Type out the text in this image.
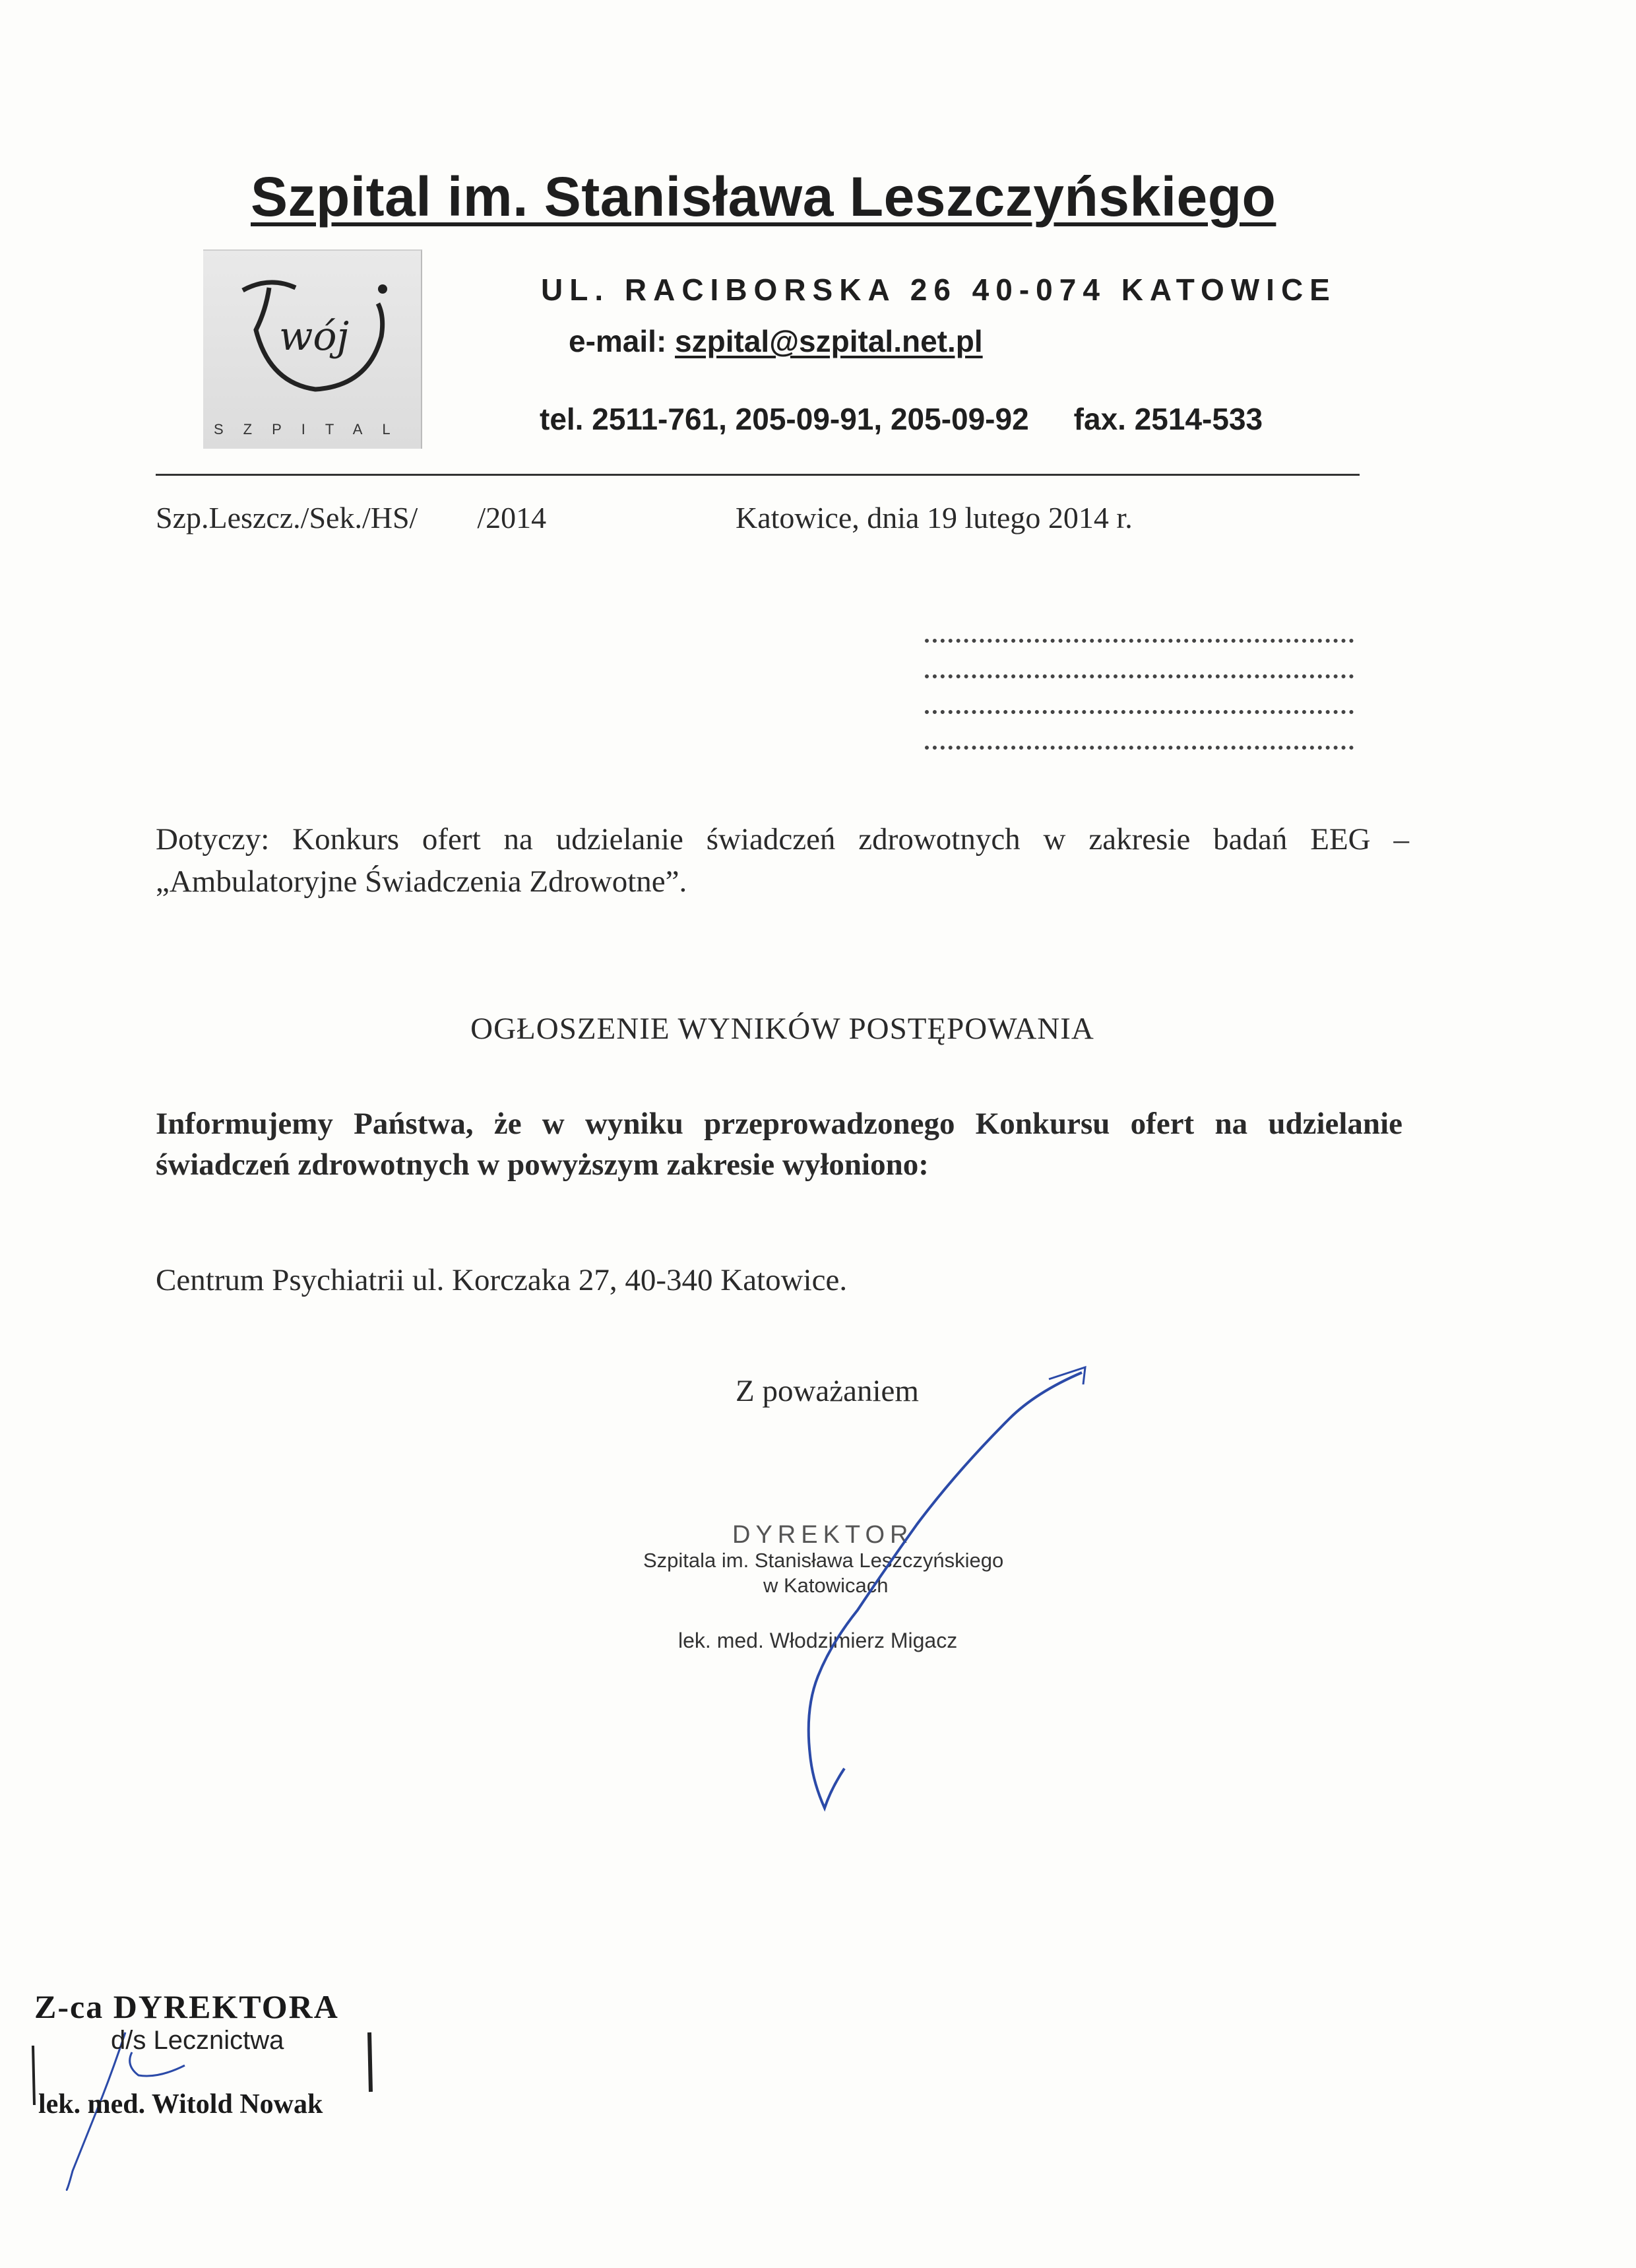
Szpital im. Stanisława Leszczyńskiego
wój
SZPITAL
UL. RACIBORSKA 26 40-074 KATOWICE
e-mail: szpital@szpital.net.pl
tel. 2511-761, 205-09-91, 205-09-92 fax. 2514-533
Szp.Leszcz./Sek./HS/ /2014	Katowice, dnia 19 lutego 2014 r.
Dotyczy: Konkurs ofert na udzielanie świadczeń zdrowotnych w zakresie badań EEG –
„Ambulatoryjne Świadczenia Zdrowotne”.
OGŁOSZENIE WYNIKÓW POSTĘPOWANIA
Informujemy Państwa, że w wyniku przeprowadzonego Konkursu ofert na udzielanie
świadczeń zdrowotnych w powyższym zakresie wyłoniono:
Centrum Psychiatrii ul. Korczaka 27, 40-340 Katowice.
Z poważaniem
DYREKTOR
Szpitala im. Stanisława Leszczyńskiego
w Katowicach
lek. med. Włodzimierz Migacz
Z-ca DYREKTORA
d/s Lecznictwa
lek. med. Witold Nowak
